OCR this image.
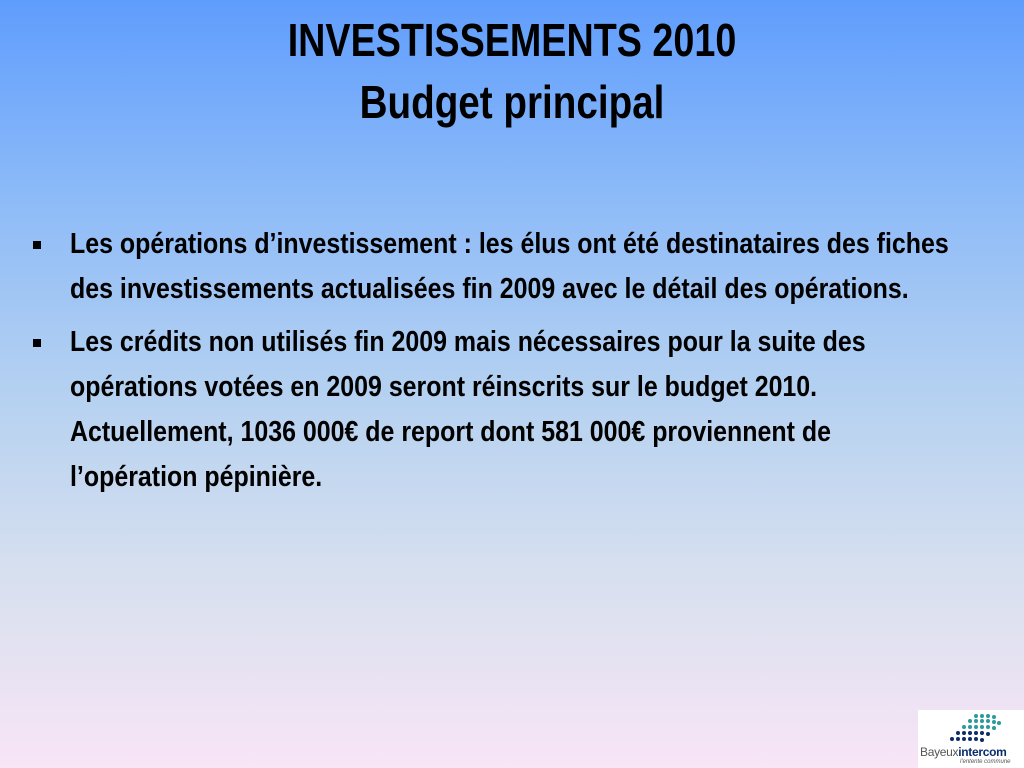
INVESTISSEMENTS 2010
Budget principal
Les opérations d’investissement : les élus ont été destinataires des fiches des investissements actualisées fin 2009 avec le détail des opérations.
Les crédits non utilisés fin 2009 mais nécessaires pour la suite des opérations votées en 2009 seront réinscrits sur le budget 2010. Actuellement, 1036 000€ de report dont 581 000€ proviennent de l’opération pépinière.
Bayeuxintercom
l'entente commune
